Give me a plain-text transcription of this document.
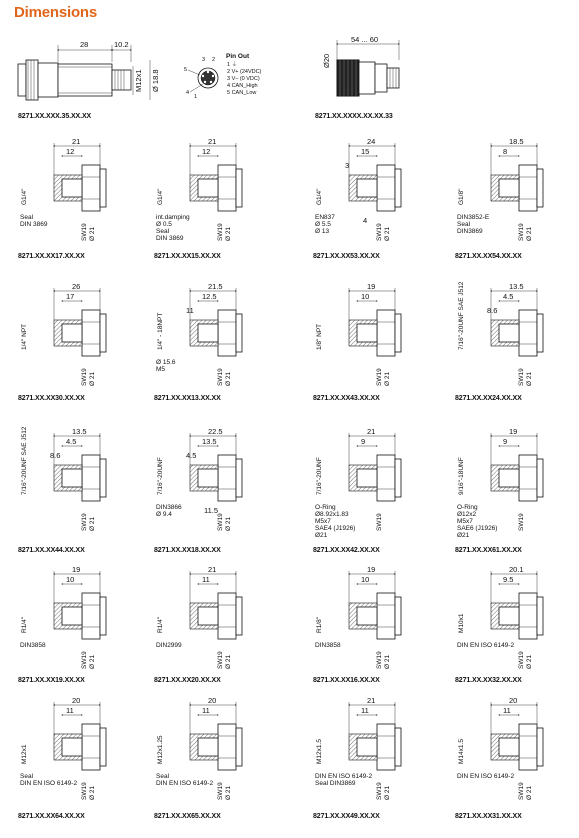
Dimensions
28	10.2
M12x1 Ø 18.8
8271.XX.XXX.35.XX.XX
3 2
5
4
1
Pin Out
1 ⏚
2 V+ (24VDC)
3 V– (0 VDC)
4 CAN_High
5 CAN_Low
54 ... 60
Ø20
8271.XX.XXXX.XX.XX.33
21
12
G1/4"
SW19 Ø 21
Seal
DIN 3869
8271.XX.XX17.XX.XX
21
12
G1/4"
SW19 Ø 21
int.damping
Ø 0.5
Seal
DIN 3869
8271.XX.XX15.XX.XX
24
15
3
4
G1/4"
SW19 Ø 21
EN837
Ø 5.5
Ø 13
8271.XX.XX53.XX.XX
18.5
8
G1/8"
SW19 Ø 21
DIN3852-E
Seal
DIN3869
8271.XX.XX54.XX.XX
26
17
1/4" NPT
SW19 Ø 21
8271.XX.XX30.XX.XX
21.5
12.5
11
1/4" - 18NPT
SW19 Ø 21
Ø 15.6
M5
8271.XX.XX13.XX.XX
19
10
1/8" NPT
SW19 Ø 21
8271.XX.XX43.XX.XX
13.5
4.5
8.6
7/16"-20UNF SAE J512
SW19 Ø 21
8271.XX.XX24.XX.XX
13.5
4.5
8.6
7/16"-20UNF SAE J512
SW19 Ø 21
8271.XX.XX44.XX.XX
22.5
13.5
4.5
11.5
7/16"-20UNF
SW19 Ø 21
DIN3866
Ø 9.4
8271.XX.XX18.XX.XX
21
9
7/16"-20UNF
SW19
O-Ring
Ø8.92x1.83
M5x7
SAE4 (J1926)
Ø21
8271.XX.XX42.XX.XX
19
9
9/16"-18UNF
SW19
O-Ring
Ø12x2
M5x7
SAE6 (J1926)
Ø21
8271.XX.XX61.XX.XX
19
10
R1/4"
SW19 Ø 21
DIN3858
8271.XX.XX19.XX.XX
21
11
R1/4"
SW19 Ø 21
DIN2999
8271.XX.XX20.XX.XX
19
10
R1/8"
SW19 Ø 21
DIN3858
8271.XX.XX16.XX.XX
20.1
9.5
M10x1
SW19 Ø 21
DIN EN ISO 6149-2
8271.XX.XX32.XX.XX
20
11
M12x1
SW19 Ø 21
Seal
DIN EN ISO 6149-2
8271.XX.XX64.XX.XX
20
11
M12x1.25
SW19 Ø 21
Seal
DIN EN ISO 6149-2
8271.XX.XX65.XX.XX
21
11
M12x1.5
SW19 Ø 21
DIN EN ISO 6149-2
Seal DIN3869
8271.XX.XX49.XX.XX
20
11
M14x1.5
SW19 Ø 21
DIN EN ISO 6149-2
8271.XX.XX31.XX.XX
